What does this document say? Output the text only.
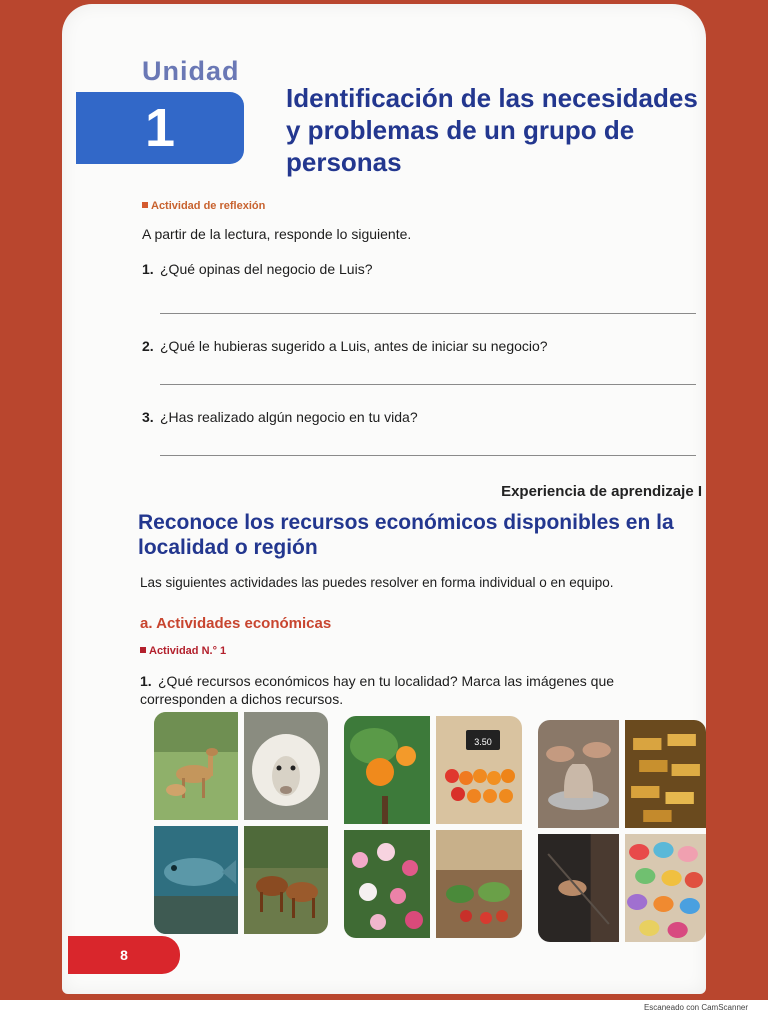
Unidad
1	Identificación de las necesidades y problemas de un grupo de personas
Actividad de reflexión
A partir de la lectura, responde lo siguiente.
1. ¿Qué opinas del negocio de Luis?
2. ¿Qué le hubieras sugerido a Luis, antes de iniciar su negocio?
3. ¿Has realizado algún negocio en tu vida?
Experiencia de aprendizaje I
Reconoce los recursos económicos disponibles en la localidad o región
Las siguientes actividades las puedes resolver en forma individual o en equipo.
a. Actividades económicas
Actividad N.° 1
1. ¿Qué recursos económicos hay en tu localidad? Marca las imágenes que corresponden a dichos recursos.
3.50
8
Escaneado con CamScanner
